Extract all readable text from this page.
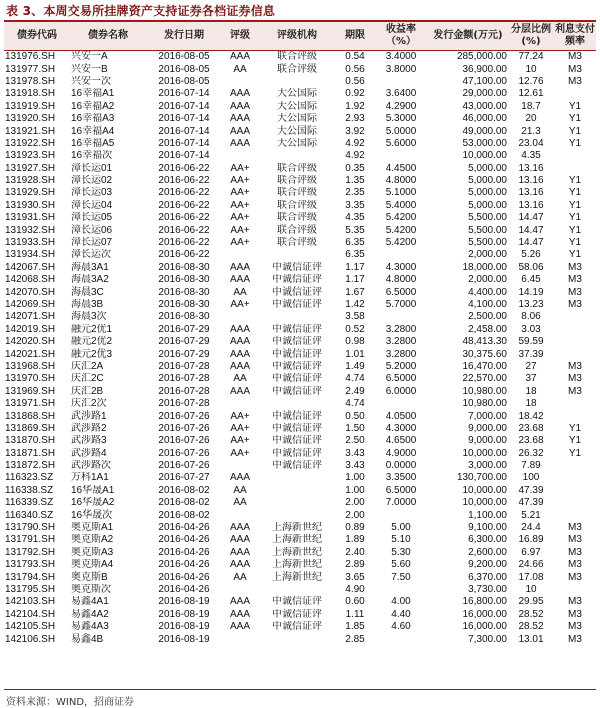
表 3、本周交易所挂牌资产支持证券各档证券信息
债券代码	债券名称	发行日期	评级	评级机构	期限	收益率（%）	发行金额(万元)	分层比例(%)	利息支付频率
131976.SH	兴安一A	2016-08-05	AAA	联合评级	0.54	3.4000	285,000.00	77.24	M3
131977.SH	兴安一B	2016-08-05	AA	联合评级	0.56	3.8000	36,900.00	10	M3
131978.SH	兴安一次	2016-08-05			0.56		47,100.00	12.76	M3
131918.SH	16幸福A1	2016-07-14	AAA	大公国际	0.92	3.6400	29,000.00	12.61	
131919.SH	16幸福A2	2016-07-14	AAA	大公国际	1.92	4.2900	43,000.00	18.7	Y1
131920.SH	16幸福A3	2016-07-14	AAA	大公国际	2.93	5.3000	46,000.00	20	Y1
131921.SH	16幸福A4	2016-07-14	AAA	大公国际	3.92	5.0000	49,000.00	21.3	Y1
131922.SH	16幸福A5	2016-07-14	AAA	大公国际	4.92	5.6000	53,000.00	23.04	Y1
131923.SH	16幸福次	2016-07-14			4.92		10,000.00	4.35	
131927.SH	漳长运01	2016-06-22	AA+	联合评级	0.35	4.4500	5,000.00	13.16	
131928.SH	漳长运02	2016-06-22	AA+	联合评级	1.35	4.8000	5,000.00	13.16	Y1
131929.SH	漳长运03	2016-06-22	AA+	联合评级	2.35	5.1000	5,000.00	13.16	Y1
131930.SH	漳长运04	2016-06-22	AA+	联合评级	3.35	5.4000	5,000.00	13.16	Y1
131931.SH	漳长运05	2016-06-22	AA+	联合评级	4.35	5.4200	5,500.00	14.47	Y1
131932.SH	漳长运06	2016-06-22	AA+	联合评级	5.35	5.4200	5,500.00	14.47	Y1
131933.SH	漳长运07	2016-06-22	AA+	联合评级	6.35	5.4200	5,500.00	14.47	Y1
131934.SH	漳长运次	2016-06-22			6.35		2,000.00	5.26	Y1
142067.SH	海晨3A1	2016-08-30	AAA	中诚信证评	1.17	4.3000	18,000.00	58.06	M3
142068.SH	海晨3A2	2016-08-30	AAA	中诚信证评	1.17	4.8000	2,000.00	6.45	M3
142070.SH	海晨3C	2016-08-30	AA	中诚信证评	1.67	6.5000	4,400.00	14.19	M3
142069.SH	海晨3B	2016-08-30	AA+	中诚信证评	1.42	5.7000	4,100.00	13.23	M3
142071.SH	海晨3次	2016-08-30			3.58		2,500.00	8.06	
142019.SH	融元2优1	2016-07-29	AAA	中诚信证评	0.52	3.2800	2,458.00	3.03	
142020.SH	融元2优2	2016-07-29	AAA	中诚信证评	0.98	3.2800	48,413.30	59.59	
142021.SH	融元2优3	2016-07-29	AAA	中诚信证评	1.01	3.2800	30,375.60	37.39	
131968.SH	庆汇2A	2016-07-28	AAA	中诚信证评	1.49	5.2000	16,470.00	27	M3
131970.SH	庆汇2C	2016-07-28	AA	中诚信证评	4.74	6.5000	22,570.00	37	M3
131969.SH	庆汇2B	2016-07-28	AAA	中诚信证评	2.49	6.0000	10,980.00	18	M3
131971.SH	庆汇2次	2016-07-28			4.74		10,980.00	18	
131868.SH	武涉路1	2016-07-26	AA+	中诚信证评	0.50	4.0500	7,000.00	18.42	
131869.SH	武涉路2	2016-07-26	AA+	中诚信证评	1.50	4.3000	9,000.00	23.68	Y1
131870.SH	武涉路3	2016-07-26	AA+	中诚信证评	2.50	4.6500	9,000.00	23.68	Y1
131871.SH	武涉路4	2016-07-26	AA+	中诚信证评	3.43	4.9000	10,000.00	26.32	Y1
131872.SH	武涉路次	2016-07-26		中诚信证评	3.43	0.0000	3,000.00	7.89	
116323.SZ	万科1A1	2016-07-27	AAA		1.00	3.3500	130,700.00	100	
116338.SZ	16华晟A1	2016-08-02	AA		1.00	6.5000	10,000.00	47.39	
116339.SZ	16华晟A2	2016-08-02	AA		2.00	7.0000	10,000.00	47.39	
116340.SZ	16华晟次	2016-08-02			2.00		1,100.00	5.21	
131790.SH	奥克斯A1	2016-04-26	AAA	上海新世纪	0.89	5.00	9,100.00	24.4	M3
131791.SH	奥克斯A2	2016-04-26	AAA	上海新世纪	1.89	5.10	6,300.00	16.89	M3
131792.SH	奥克斯A3	2016-04-26	AAA	上海新世纪	2.40	5.30	2,600.00	6.97	M3
131793.SH	奥克斯A4	2016-04-26	AAA	上海新世纪	2.89	5.60	9,200.00	24.66	M3
131794.SH	奥克斯B	2016-04-26	AA	上海新世纪	3.65	7.50	6,370.00	17.08	M3
131795.SH	奥克斯次	2016-04-26			4.90		3,730.00	10	
142103.SH	易鑫4A1	2016-08-19	AAA	中诚信证评	0.60	4.00	16,800.00	29.95	M3
142104.SH	易鑫4A2	2016-08-19	AAA	中诚信证评	1.11	4.40	16,000.00	28.52	M3
142105.SH	易鑫4A3	2016-08-19	AAA	中诚信证评	1.85	4.60	16,000.00	28.52	M3
142106.SH	易鑫4B	2016-08-19			2.85		7,300.00	13.01	M3
资料来源：WIND，招商证券
